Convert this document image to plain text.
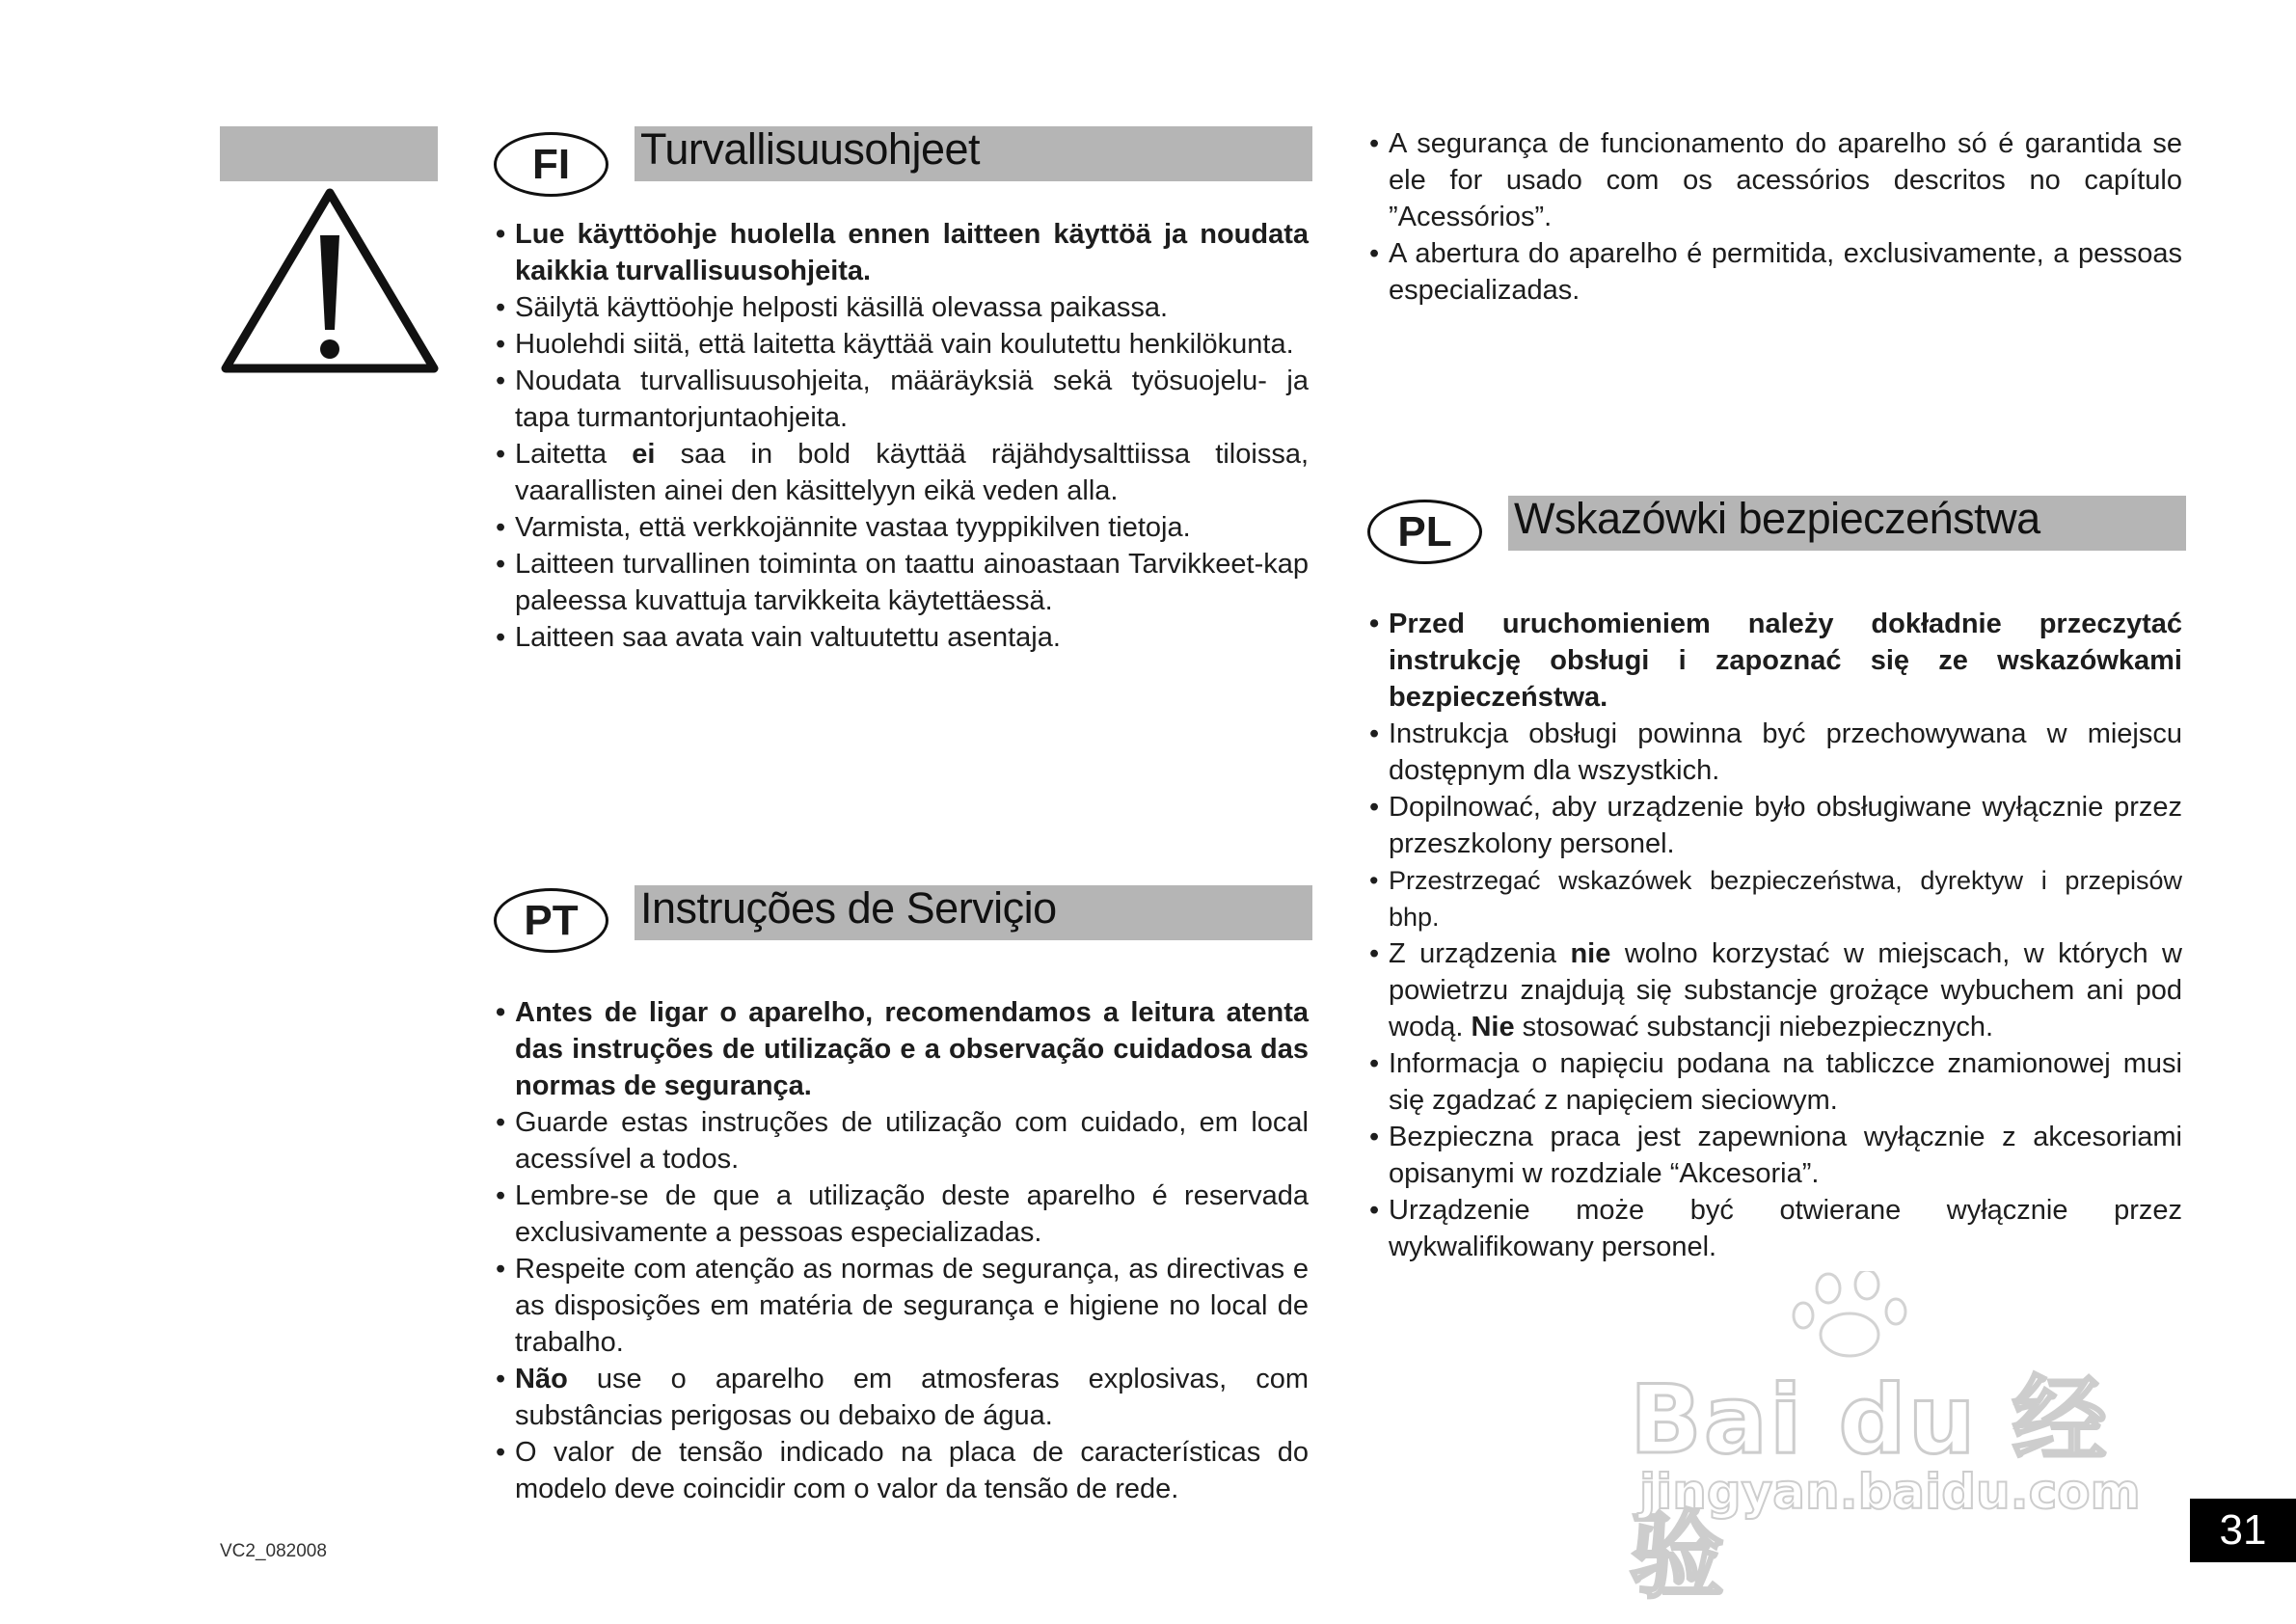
FI Turvallisuusohjeet
• Lue käyttöohje huolella ennen laitteen käyttöä ja noudata kaikkia turvallisuusohjeita.
• Säilytä käyttöohje helposti käsillä olevassa paikassa.
• Huolehdi siitä, että laitetta käyttää vain koulutettu henkilökunta.
• Noudata turvallisuusohjeita, määräyksiä sekä työsuojelu- ja tapa turmantorjuntaohjeita.
• Laitetta ei saa in bold käyttää räjähdysalttiissa tiloissa, vaarallisten ainei den käsittelyyn eikä veden alla.
• Varmista, että verkkojännite vastaa tyyppikilven tietoja.
• Laitteen turvallinen toiminta on taattu ainoastaan Tarvikkeet-kap paleessa kuvattuja tarvikkeita käytettäessä.
• Laitteen saa avata vain valtuutettu asentaja.
PT Instruções de Serviçio
• Antes de ligar o aparelho, recomendamos a leitura atenta das instruções de utilização e a observação cuidadosa das normas de segurança.
• Guarde estas instruções de utilização com cuidado, em local acessível a todos.
• Lembre-se de que a utilização deste aparelho é reservada exclusivamente a pessoas especializadas.
• Respeite com atenção as normas de segurança, as directivas e as disposições em matéria de segurança e higiene no local de trabalho.
• Não use o aparelho em atmosferas explosivas, com substâncias perigosas ou debaixo de água.
• O valor de tensão indicado na placa de características do modelo deve coincidir com o valor da tensão de rede.
• A segurança de funcionamento do aparelho só é garantida se ele for usado com os acessórios descritos no capítulo ”Acessórios”.
• A abertura do aparelho é permitida, exclusivamente, a pessoas especializadas.
PL Wskazówki bezpieczeństwa
• Przed uruchomieniem należy dokładnie przeczytać instrukcję obsługi i zapoznać się ze wskazówkami bezpieczeństwa.
• Instrukcja obsługi powinna być przechowywana w miejscu dostępnym dla wszystkich.
• Dopilnować, aby urządzenie było obsługiwane wyłącznie przez przeszkolony personel.
• Przestrzegać wskazówek bezpieczeństwa, dyrektyw i przepisów bhp.
• Z urządzenia nie wolno korzystać w miejscach, w których w powietrzu znajdują się substancje grożące wybuchem ani pod wodą. Nie stosować substancji niebezpiecznych.
• Informacja o napięciu podana na tabliczce znamionowej musi się zgadzać z napięciem sieciowym.
• Bezpieczna praca jest zapewniona wyłącznie z akcesoriami opisanymi w rozdziale “Akcesoria”.
• Urządzenie może być otwierane wyłącznie przez wykwalifikowany personel.
Bai du 经验
jingyan.baidu.com
VC2_082008	31
